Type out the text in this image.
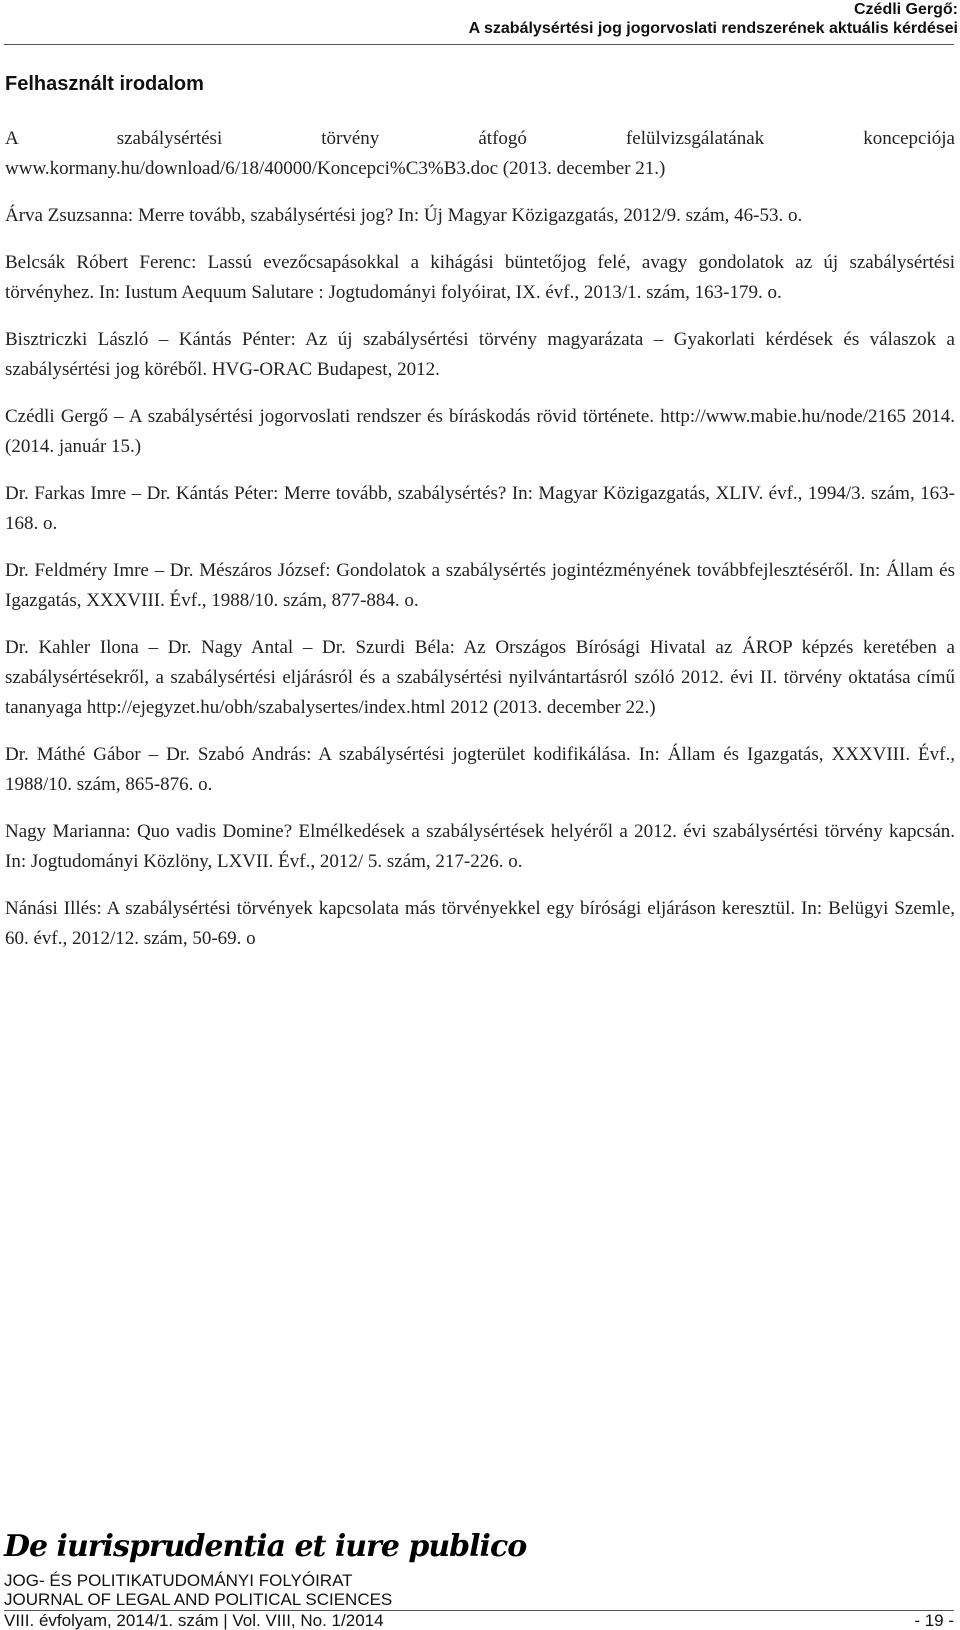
Czédli Gergő:
A szabálysértési jog jogorvoslati rendszerének aktuális kérdései
Felhasznált irodalom
A szabálysértési törvény átfogó felülvizsgálatának koncepciója www.kormany.hu/download/6/18/40000/Koncepci%C3%B3.doc (2013. december 21.)
Árva Zsuzsanna: Merre tovább, szabálysértési jog? In: Új Magyar Közigazgatás, 2012/9. szám, 46-53. o.
Belcsák Róbert Ferenc: Lassú evezőcsapásokkal a kihágási büntetőjog felé, avagy gondolatok az új szabálysértési törvényhez. In: Iustum Aequum Salutare : Jogtudományi folyóirat, IX. évf., 2013/1. szám, 163-179. o.
Bisztriczki László – Kántás Pénter: Az új szabálysértési törvény magyarázata – Gyakorlati kérdések és válaszok a szabálysértési jog köréből. HVG-ORAC Budapest, 2012.
Czédli Gergő – A szabálysértési jogorvoslati rendszer és bíráskodás rövid története. http://www.mabie.hu/node/2165 2014. (2014. január 15.)
Dr. Farkas Imre – Dr. Kántás Péter: Merre tovább, szabálysértés? In: Magyar Közigazgatás, XLIV. évf., 1994/3. szám, 163-168. o.
Dr. Feldméry Imre – Dr. Mészáros József: Gondolatok a szabálysértés jogintézményének továbbfejlesztéséről. In: Állam és Igazgatás, XXXVIII. Évf., 1988/10. szám, 877-884. o.
Dr. Kahler Ilona – Dr. Nagy Antal – Dr. Szurdi Béla: Az Országos Bírósági Hivatal az ÁROP képzés keretében a szabálysértésekről, a szabálysértési eljárásról és a szabálysértési nyilvántartásról szóló 2012. évi II. törvény oktatása című tananyaga http://ejegyzet.hu/obh/szabalysertes/index.html 2012 (2013. december 22.)
Dr. Máthé Gábor – Dr. Szabó András: A szabálysértési jogterület kodifikálása. In: Állam és Igazgatás, XXXVIII. Évf., 1988/10. szám, 865-876. o.
Nagy Marianna: Quo vadis Domine? Elmélkedések a szabálysértések helyéről a 2012. évi szabálysértési törvény kapcsán. In: Jogtudományi Közlöny, LXVII. Évf., 2012/ 5. szám, 217-226. o.
Nánási Illés: A szabálysértési törvények kapcsolata más törvényekkel egy bírósági eljáráson keresztül. In: Belügyi Szemle, 60. évf., 2012/12. szám, 50-69. o
De iurisprudentia et iure publico
JOG- ÉS POLITIKATUDOMÁNYI FOLYÓIRAT
JOURNAL OF LEGAL AND POLITICAL SCIENCES
VIII. évfolyam, 2014/1. szám | Vol. VIII, No. 1/2014	- 19 -
